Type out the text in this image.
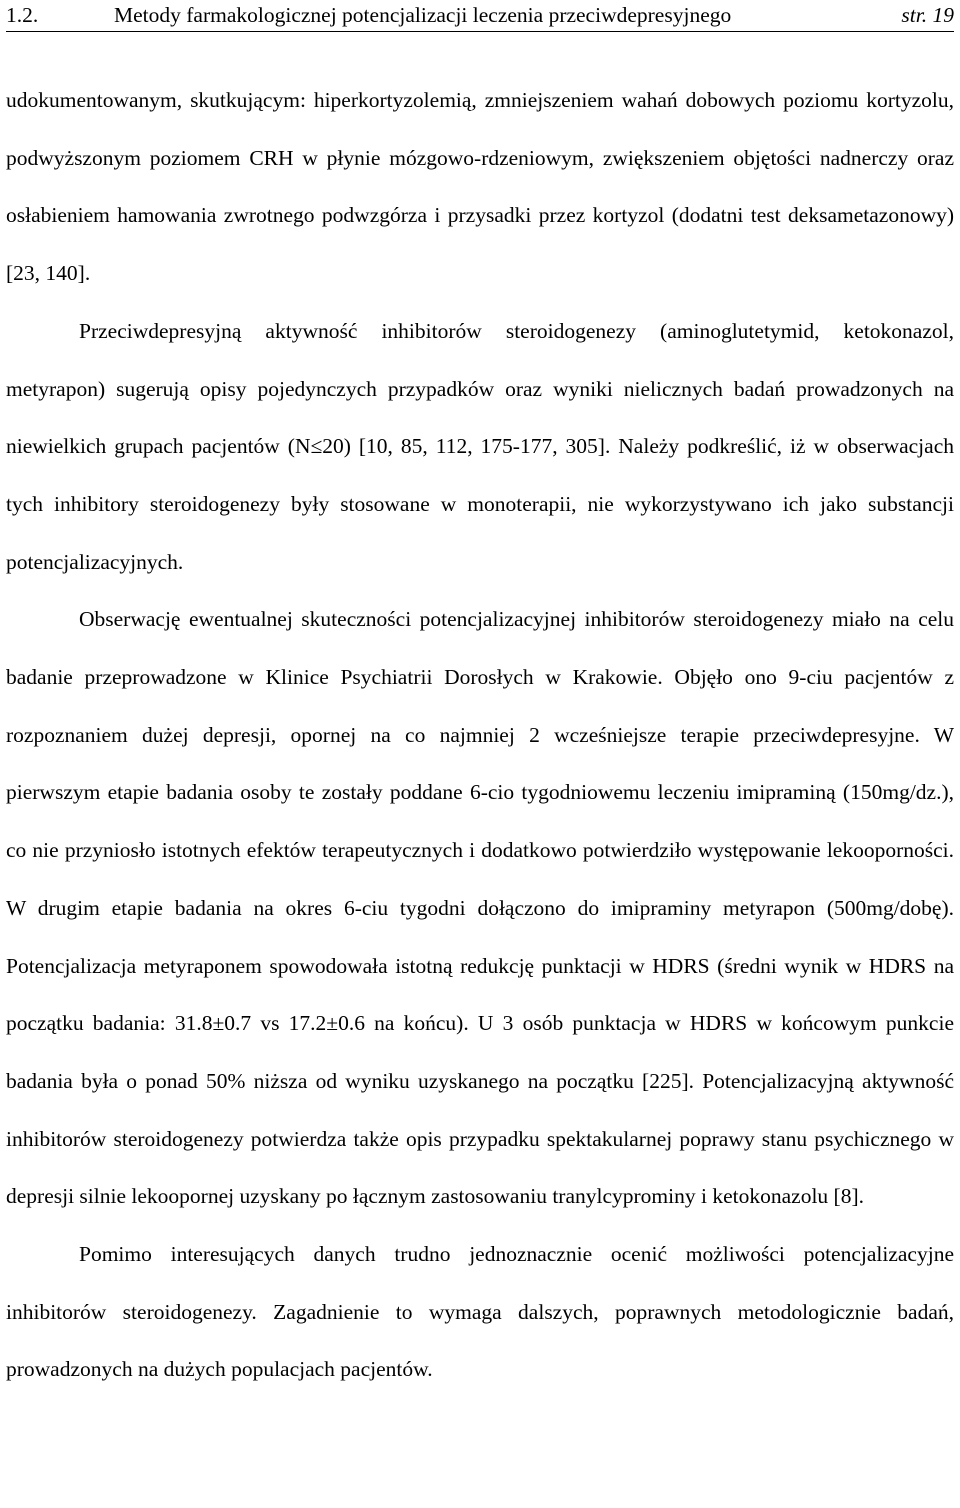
1.2.	Metody farmakologicznej potencjalizacji leczenia przeciwdepresyjnego	str. 19

udokumentowanym, skutkującym: hiperkortyzolemią, zmniejszeniem wahań dobowych poziomu kortyzolu, podwyższonym poziomem CRH w płynie mózgowo-rdzeniowym, zwiększeniem objętości nadnerczy oraz osłabieniem hamowania zwrotnego podwzgórza i przysadki przez kortyzol (dodatni test deksametazonowy) [23, 140].

Przeciwdepresyjną aktywność inhibitorów steroidogenezy (aminoglutetymid, ketokonazol, metyrapon) sugerują opisy pojedynczych przypadków oraz wyniki nielicznych badań prowadzonych na niewielkich grupach pacjentów (N≤20) [10, 85, 112, 175-177, 305]. Należy podkreślić, iż w obserwacjach tych inhibitory steroidogenezy były stosowane w monoterapii, nie wykorzystywano ich jako substancji potencjalizacyjnych.

Obserwację ewentualnej skuteczności potencjalizacyjnej inhibitorów steroidogenezy miało na celu badanie przeprowadzone w Klinice Psychiatrii Dorosłych w Krakowie. Objęło ono 9-ciu pacjentów z rozpoznaniem dużej depresji, opornej na co najmniej 2 wcześniejsze terapie przeciwdepresyjne. W pierwszym etapie badania osoby te zostały poddane 6-cio tygodniowemu leczeniu imipraminą (150mg/dz.), co nie przyniosło istotnych efektów terapeutycznych i dodatkowo potwierdziło występowanie lekooporności. W drugim etapie badania na okres 6-ciu tygodni dołączono do imipraminy metyrapon (500mg/dobę). Potencjalizacja metyraponem spowodowała istotną redukcję punktacji w HDRS (średni wynik w HDRS na początku badania: 31.8±0.7 vs 17.2±0.6 na końcu). U 3 osób punktacja w HDRS w końcowym punkcie badania była o ponad 50% niższa od wyniku uzyskanego na początku [225]. Potencjalizacyjną aktywność inhibitorów steroidogenezy potwierdza także opis przypadku spektakularnej poprawy stanu psychicznego w depresji silnie lekoopornej uzyskany po łącznym zastosowaniu tranylcyprominy i ketokonazolu [8].

Pomimo interesujących danych trudno jednoznacznie ocenić możliwości potencjalizacyjne inhibitorów steroidogenezy. Zagadnienie to wymaga dalszych, poprawnych metodologicznie badań, prowadzonych na dużych populacjach pacjentów.
